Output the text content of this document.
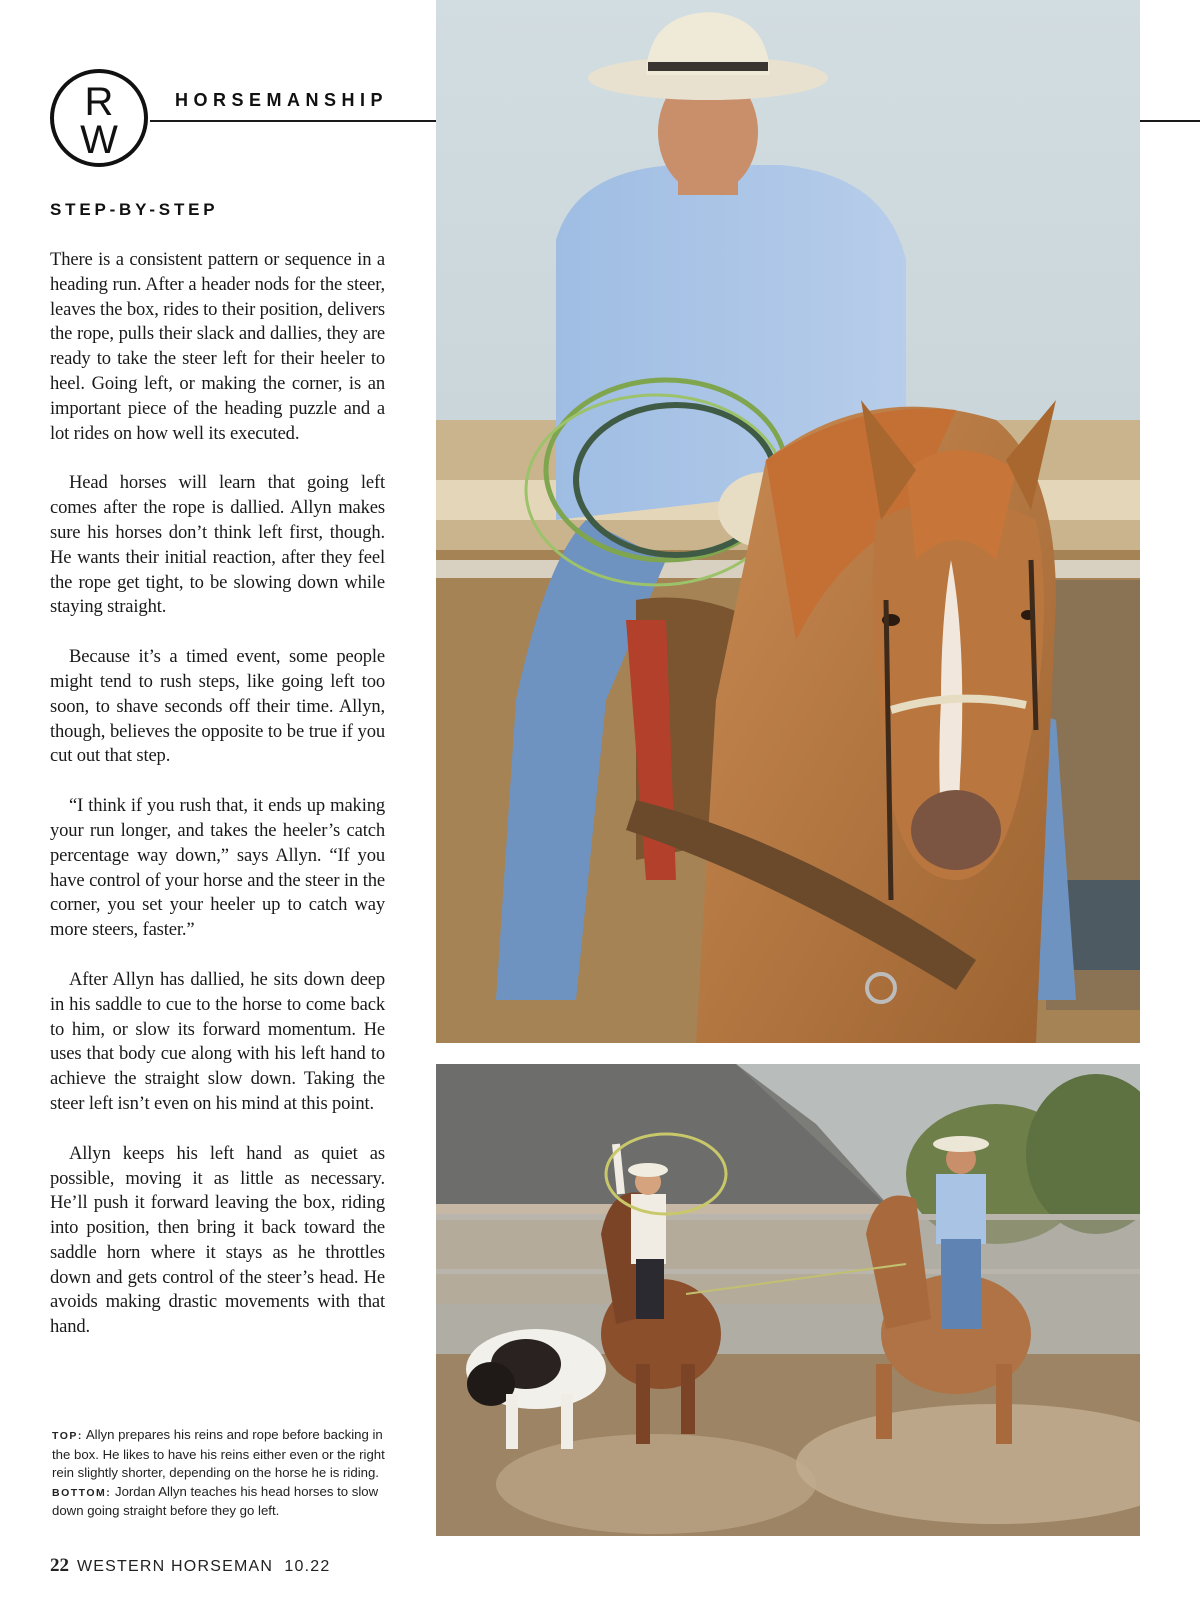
R
W
HORSEMANSHIP
STEP-BY-STEP

There is a consistent pattern or sequence in a heading run. After a header nods for the steer, leaves the box, rides to their position, delivers the rope, pulls their slack and dallies, they are ready to take the steer left for their heeler to heel. Going left, or making the corner, is an important piece of the heading puzzle and a lot rides on how well its executed.

Head horses will learn that going left comes after the rope is dallied. Allyn makes sure his horses don’t think left first, though. He wants their initial reaction, after they feel the rope get tight, to be slowing down while staying straight.

Because it’s a timed event, some people might tend to rush steps, like going left too soon, to shave seconds off their time. Allyn, though, believes the opposite to be true if you cut out that step.

“I think if you rush that, it ends up making your run longer, and takes the heeler’s catch percentage way down,” says Allyn. “If you have control of your horse and the steer in the corner, you set your heeler up to catch way more steers, faster.”

After Allyn has dallied, he sits down deep in his saddle to cue to the horse to come back to him, or slow its forward momentum. He uses that body cue along with his left hand to achieve the straight slow down. Taking the steer left isn’t even on his mind at this point.

Allyn keeps his left hand as quiet as possible, moving it as little as necessary. He’ll push it forward leaving the box, riding into position, then bring it back toward the saddle horn where it stays as he throttles down and gets control of the steer’s head. He avoids making drastic movements with that hand.

TOP: Allyn prepares his reins and rope before backing in the box. He likes to have his reins either even or the right rein slightly shorter, depending on the horse he is riding. BOTTOM: Jordan Allyn teaches his head horses to slow down going straight before they go left.
22 WESTERN HORSEMAN 10.22
